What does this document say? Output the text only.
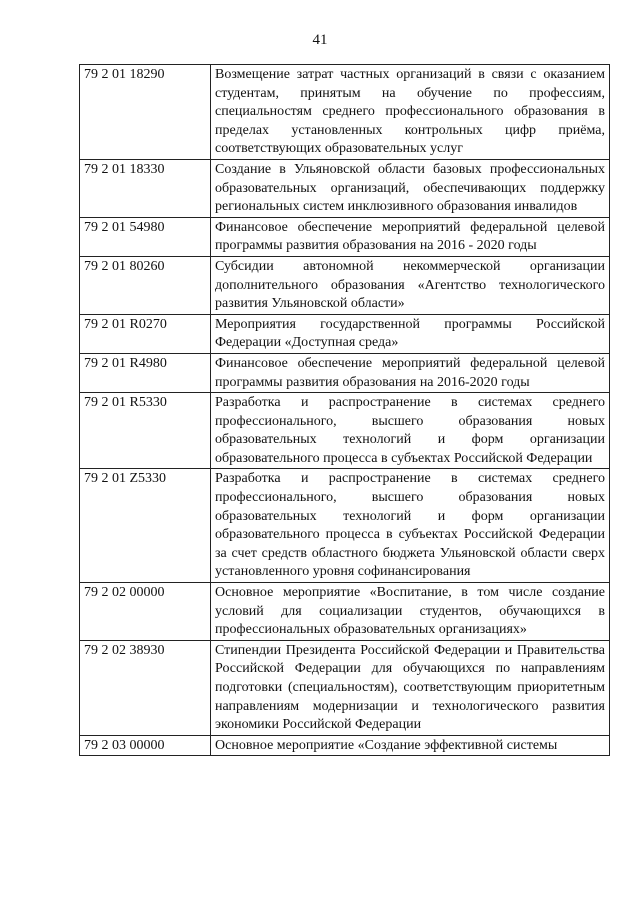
41
79 2 01 18290	Возмещение затрат частных организаций в связи с оказанием студентам, принятым на обучение по профессиям, специальностям среднего профессионального образования в пределах установленных контрольных цифр приёма, соответствующих образовательных услуг
79 2 01 18330	Создание в Ульяновской области базовых профессиональных образовательных организаций, обеспечивающих поддержку региональных систем инклюзивного образования инвалидов
79 2 01 54980	Финансовое обеспечение мероприятий федеральной целевой программы развития образования на 2016 - 2020 годы
79 2 01 80260	Субсидии автономной некоммерческой организации дополнительного образования «Агентство технологического развития Ульяновской области»
79 2 01 R0270	Мероприятия государственной программы Российской Федерации «Доступная среда»
79 2 01 R4980	Финансовое обеспечение мероприятий федеральной целевой программы развития образования на 2016-2020 годы
79 2 01 R5330	Разработка и распространение в системах среднего профессионального, высшего образования новых образовательных технологий и форм организации образовательного процесса в субъектах Российской Федерации
79 2 01 Z5330	Разработка и распространение в системах среднего профессионального, высшего образования новых образовательных технологий и форм организации образовательного процесса в субъектах Российской Федерации за счет средств областного бюджета Ульяновской области сверх установленного уровня софинансирования
79 2 02 00000	Основное мероприятие «Воспитание, в том числе создание условий для социализации студентов, обучающихся в профессиональных образовательных организациях»
79 2 02 38930	Стипендии Президента Российской Федерации и Правительства Российской Федерации для обучающихся по направлениям подготовки (специальностям), соответствующим приоритетным направлениям модернизации и технологического развития экономики Российской Федерации
79 2 03 00000	Основное мероприятие «Создание эффективной системы
